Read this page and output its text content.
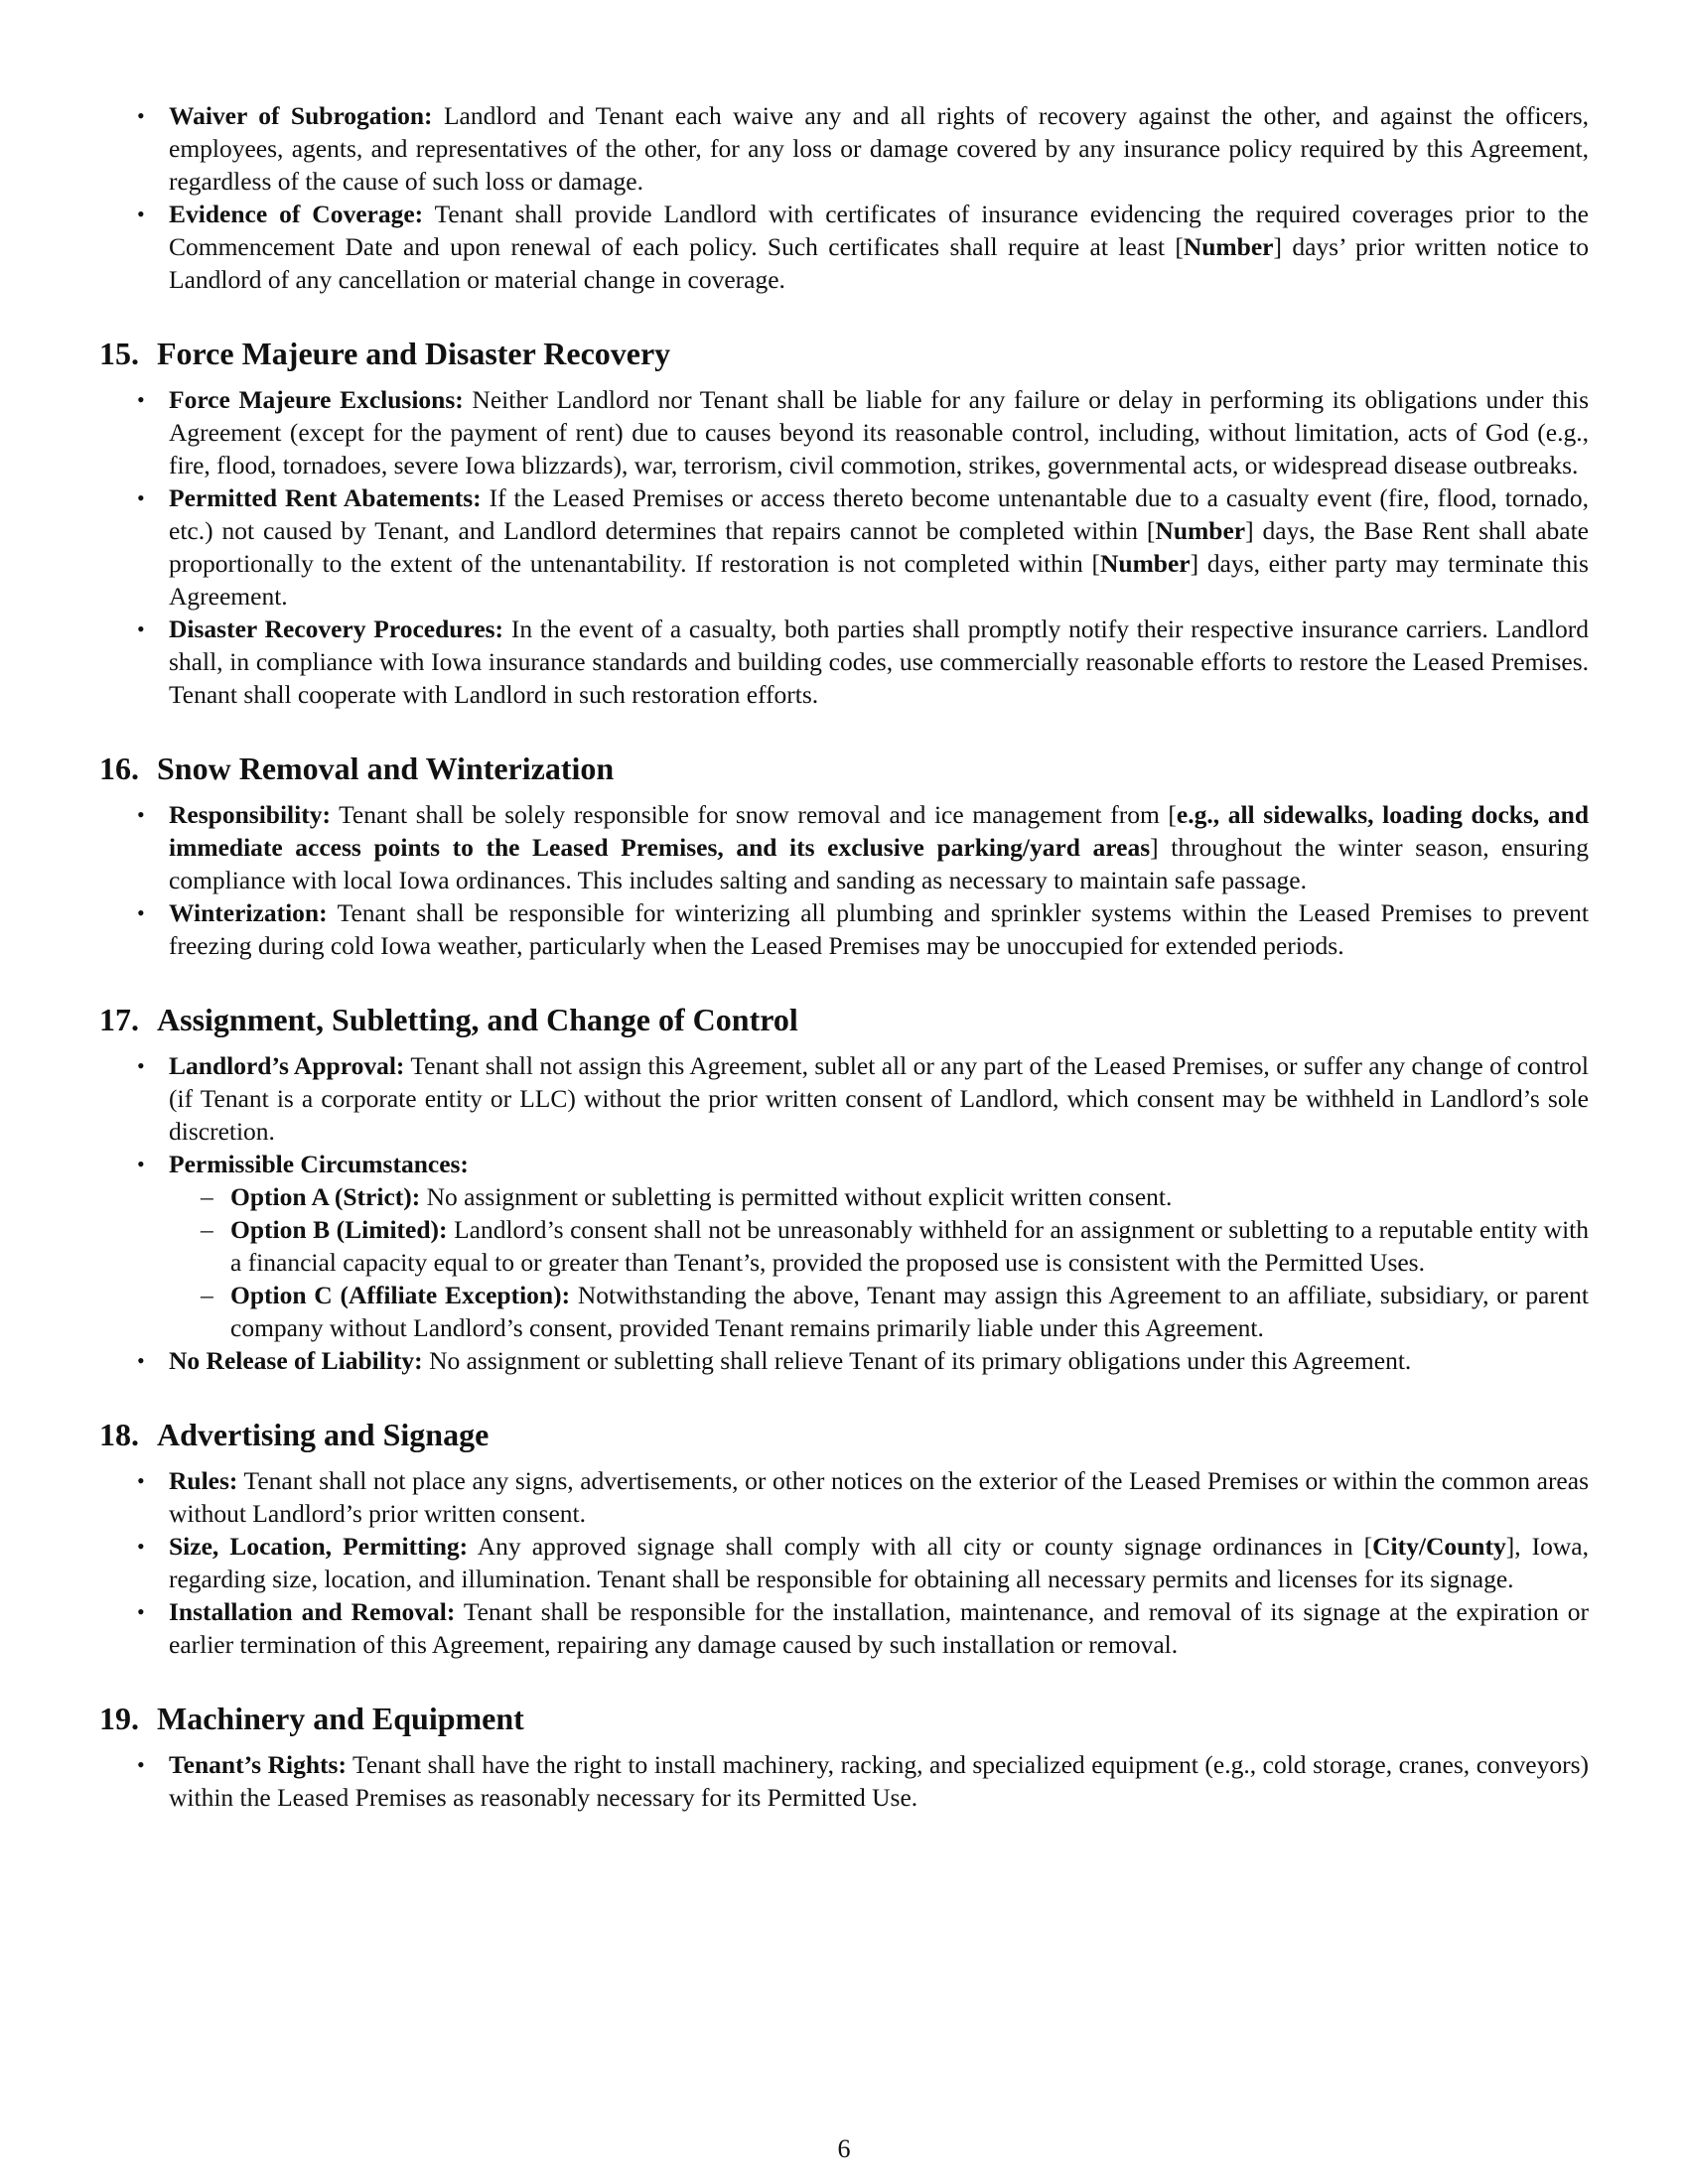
• Waiver of Subrogation: Landlord and Tenant each waive any and all rights of recovery against the other, and against the officers, employees, agents, and representatives of the other, for any loss or damage covered by any insurance policy required by this Agreement, regardless of the cause of such loss or damage.
• Evidence of Coverage: Tenant shall provide Landlord with certificates of insurance evidencing the required coverages prior to the Commencement Date and upon renewal of each policy. Such certificates shall require at least [Number] days’ prior written notice to Landlord of any cancellation or material change in coverage.
15. Force Majeure and Disaster Recovery
• Force Majeure Exclusions: Neither Landlord nor Tenant shall be liable for any failure or delay in performing its obligations under this Agreement (except for the payment of rent) due to causes beyond its reasonable control, including, without limitation, acts of God (e.g., fire, flood, tornadoes, severe Iowa blizzards), war, terrorism, civil commotion, strikes, governmental acts, or widespread disease outbreaks.
• Permitted Rent Abatements: If the Leased Premises or access thereto become untenantable due to a casualty event (fire, flood, tornado, etc.) not caused by Tenant, and Landlord determines that repairs cannot be completed within [Number] days, the Base Rent shall abate proportionally to the extent of the untenantability. If restoration is not completed within [Number] days, either party may terminate this Agreement.
• Disaster Recovery Procedures: In the event of a casualty, both parties shall promptly notify their respective insurance carriers. Landlord shall, in compliance with Iowa insurance standards and building codes, use commercially reasonable efforts to restore the Leased Premises. Tenant shall cooperate with Landlord in such restoration efforts.
16. Snow Removal and Winterization
• Responsibility: Tenant shall be solely responsible for snow removal and ice management from [e.g., all sidewalks, loading docks, and immediate access points to the Leased Premises, and its exclusive parking/yard areas] throughout the winter season, ensuring compliance with local Iowa ordinances. This includes salting and sanding as necessary to maintain safe passage.
• Winterization: Tenant shall be responsible for winterizing all plumbing and sprinkler systems within the Leased Premises to prevent freezing during cold Iowa weather, particularly when the Leased Premises may be unoccupied for extended periods.
17. Assignment, Subletting, and Change of Control
• Landlord’s Approval: Tenant shall not assign this Agreement, sublet all or any part of the Leased Premises, or suffer any change of control (if Tenant is a corporate entity or LLC) without the prior written consent of Landlord, which consent may be withheld in Landlord’s sole discretion.
• Permissible Circumstances:
– Option A (Strict): No assignment or subletting is permitted without explicit written consent.
– Option B (Limited): Landlord’s consent shall not be unreasonably withheld for an assignment or subletting to a reputable entity with a financial capacity equal to or greater than Tenant’s, provided the proposed use is consistent with the Permitted Uses.
– Option C (Affiliate Exception): Notwithstanding the above, Tenant may assign this Agreement to an affiliate, subsidiary, or parent company without Landlord’s consent, provided Tenant remains primarily liable under this Agreement.
• No Release of Liability: No assignment or subletting shall relieve Tenant of its primary obligations under this Agreement.
18. Advertising and Signage
• Rules: Tenant shall not place any signs, advertisements, or other notices on the exterior of the Leased Premises or within the common areas without Landlord’s prior written consent.
• Size, Location, Permitting: Any approved signage shall comply with all city or county signage ordinances in [City/County], Iowa, regarding size, location, and illumination. Tenant shall be responsible for obtaining all necessary permits and licenses for its signage.
• Installation and Removal: Tenant shall be responsible for the installation, maintenance, and removal of its signage at the expiration or earlier termination of this Agreement, repairing any damage caused by such installation or removal.
19. Machinery and Equipment
• Tenant’s Rights: Tenant shall have the right to install machinery, racking, and specialized equipment (e.g., cold storage, cranes, conveyors) within the Leased Premises as reasonably necessary for its Permitted Use.
6
